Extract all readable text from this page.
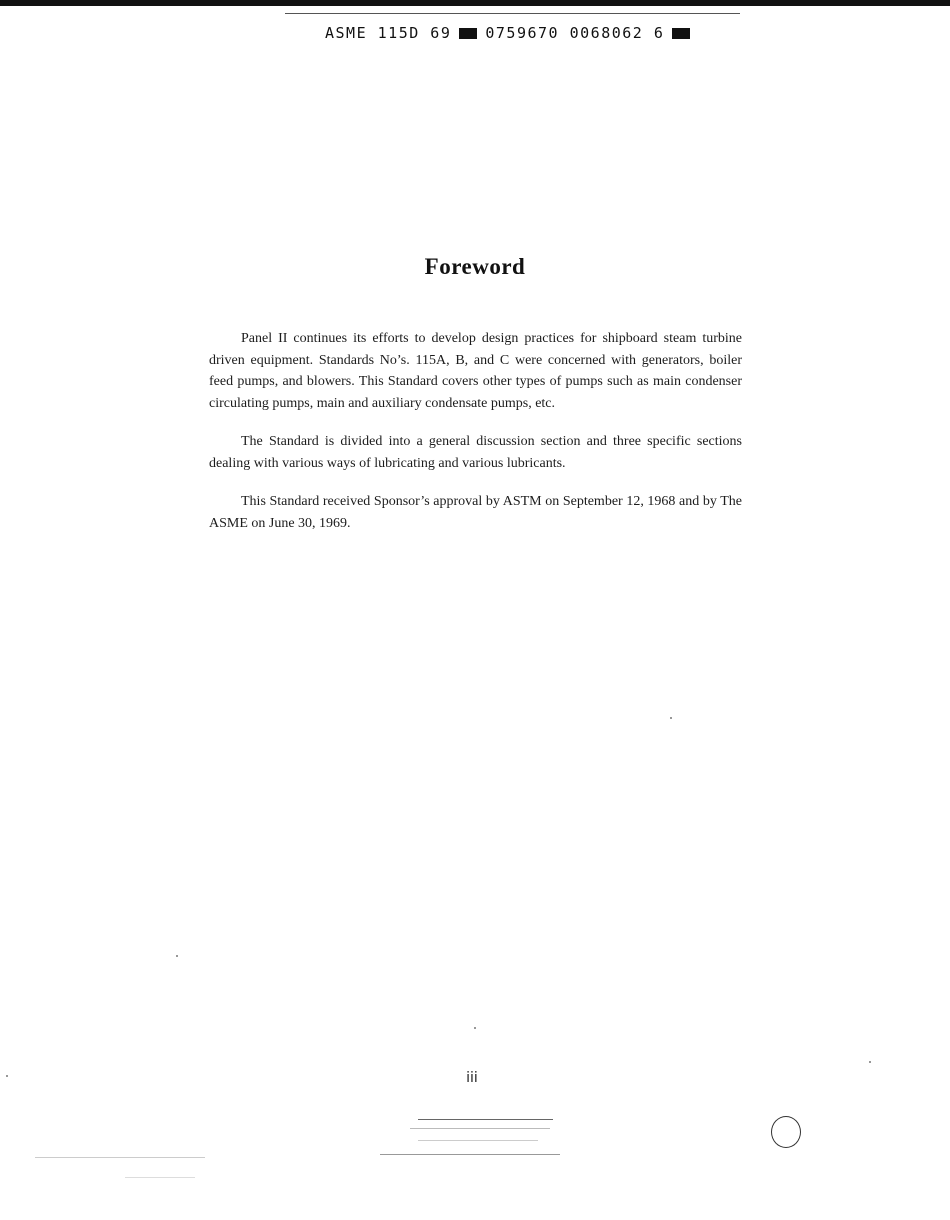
ASME 115D 69 0759670 0068062 6
Foreword

Panel II continues its efforts to develop design practices for shipboard steam turbine driven equipment. Standards No’s. 115A, B, and C were concerned with generators, boiler feed pumps, and blowers. This Standard covers other types of pumps such as main condenser circulating pumps, main and auxiliary condensate pumps, etc.

The Standard is divided into a general discussion section and three specific sections dealing with various ways of lubricating and various lubricants.

This Standard received Sponsor’s approval by ASTM on September 12, 1968 and by The ASME on June 30, 1969.

iii
